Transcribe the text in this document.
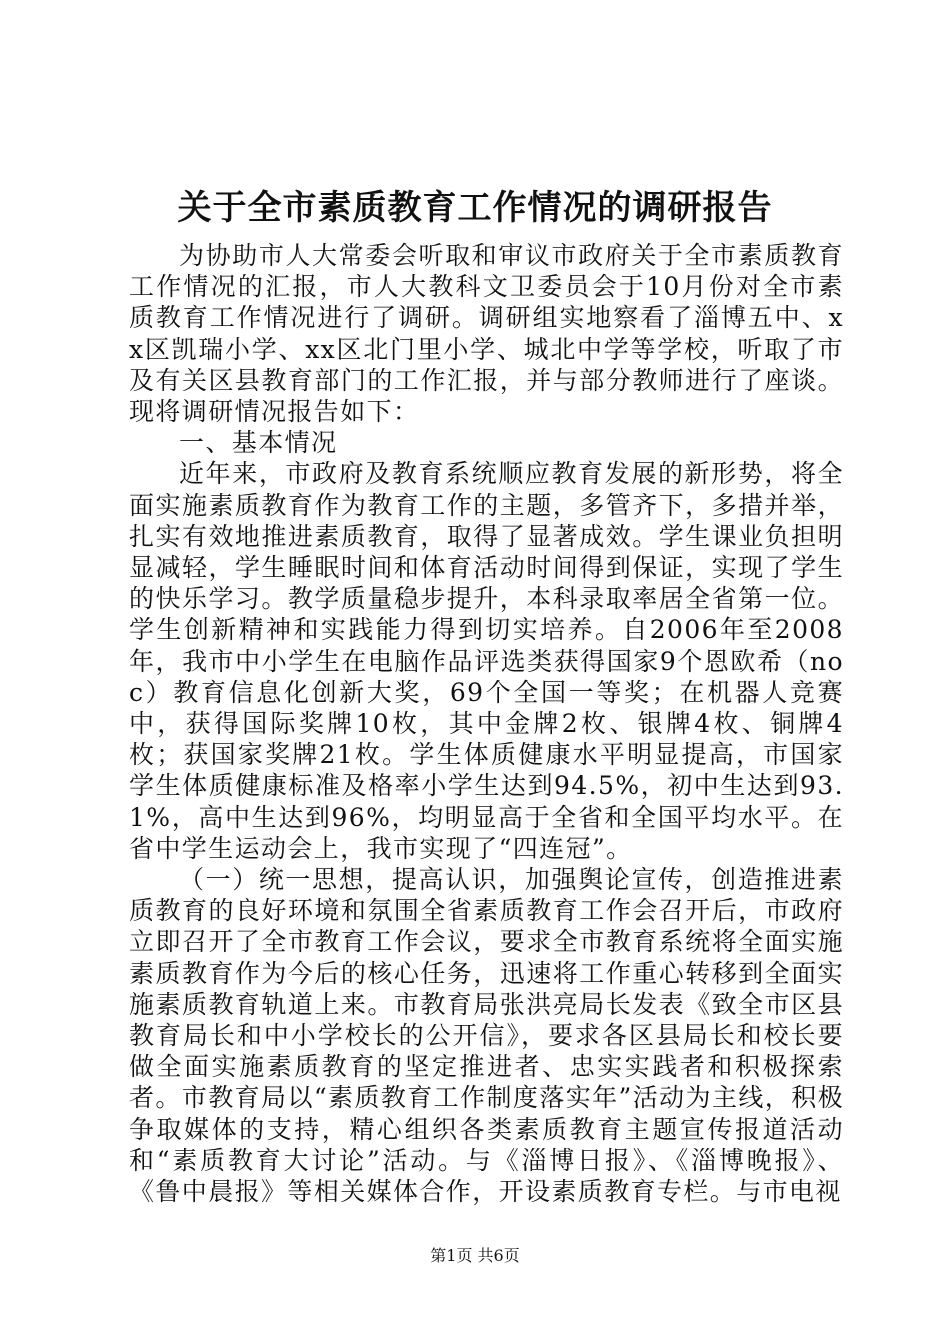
关于全市素质教育工作情况的调研报告

为协助市人大常委会听取和审议市政府关于全市素质教育工作情况的汇报，市人大教科文卫委员会于10月份对全市素质教育工作情况进行了调研。调研组实地察看了淄博五中、xx区凯瑞小学、xx区北门里小学、城北中学等学校，听取了市及有关区县教育部门的工作汇报，并与部分教师进行了座谈。现将调研情况报告如下：

一、基本情况

近年来，市政府及教育系统顺应教育发展的新形势，将全面实施素质教育作为教育工作的主题，多管齐下，多措并举，扎实有效地推进素质教育，取得了显著成效。学生课业负担明显减轻，学生睡眠时间和体育活动时间得到保证，实现了学生的快乐学习。教学质量稳步提升，本科录取率居全省第一位。学生创新精神和实践能力得到切实培养。自2006年至2008年，我市中小学生在电脑作品评选类获得国家9个恩欧希（noc）教育信息化创新大奖，69个全国一等奖；在机器人竞赛中，获得国际奖牌10枚，其中金牌2枚、银牌4枚、铜牌4枚；获国家奖牌21枚。学生体质健康水平明显提高，市国家学生体质健康标准及格率小学生达到94.5%，初中生达到93.1%，高中生达到96%，均明显高于全省和全国平均水平。在省中学生运动会上，我市实现了“四连冠”。

（一）统一思想，提高认识，加强舆论宣传，创造推进素质教育的良好环境和氛围全省素质教育工作会召开后，市政府立即召开了全市教育工作会议，要求全市教育系统将全面实施素质教育作为今后的核心任务，迅速将工作重心转移到全面实施素质教育轨道上来。市教育局张洪亮局长发表《致全市区县教育局长和中小学校长的公开信》，要求各区县局长和校长要做全面实施素质教育的坚定推进者、忠实实践者和积极探索者。市教育局以“素质教育工作制度落实年”活动为主线，积极争取媒体的支持，精心组织各类素质教育主题宣传报道活动和“素质教育大讨论”活动。与《淄博日报》、《淄博晚报》、《鲁中晨报》等相关媒体合作，开设素质教育专栏。与市电视

第1页 共6页
